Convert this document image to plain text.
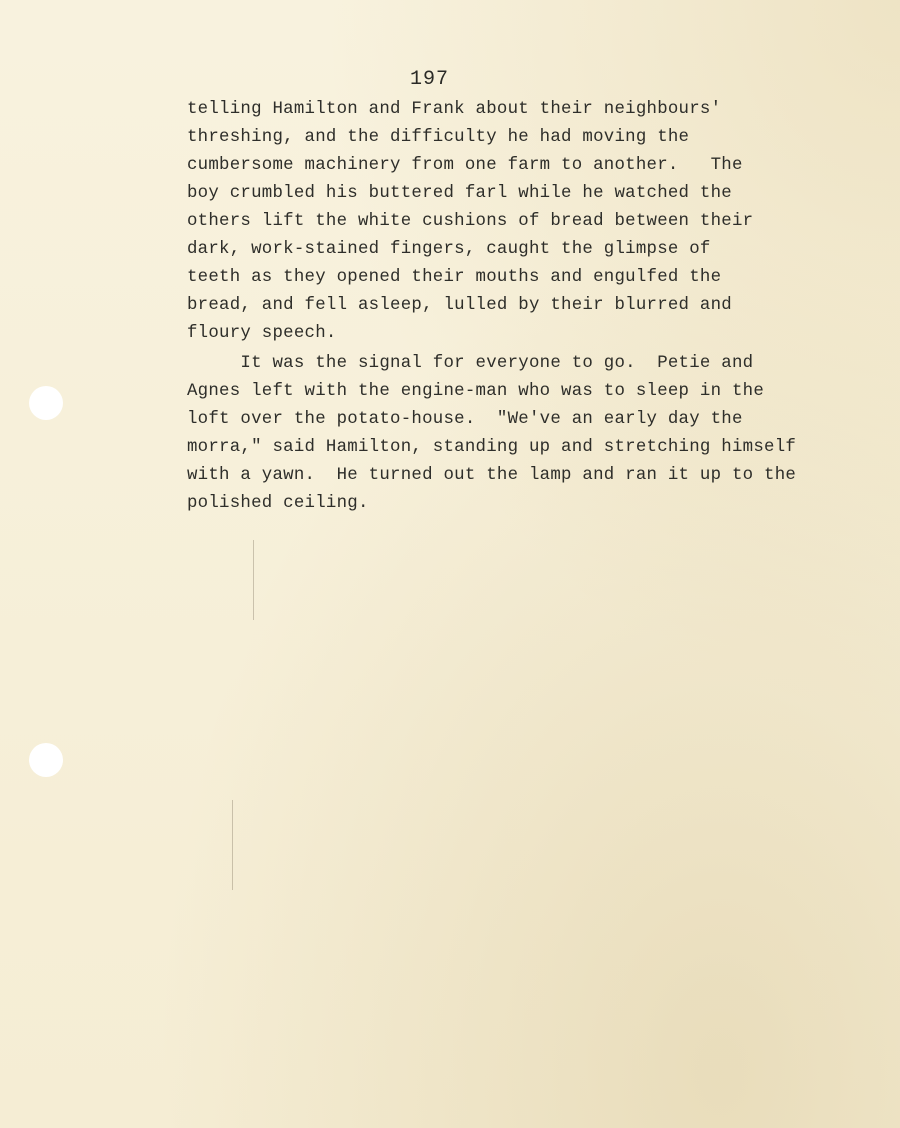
197
telling Hamilton and Frank about their neighbours'
threshing, and the difficulty he had moving the
cumbersome machinery from one farm to another.   The
boy crumbled his buttered farl while he watched the
others lift the white cushions of bread between their
dark, work-stained fingers, caught the glimpse of
teeth as they opened their mouths and engulfed the
bread, and fell asleep, lulled by their blurred and
floury speech.
It was the signal for everyone to go.  Petie and
Agnes left with the engine-man who was to sleep in the
loft over the potato-house.  "We've an early day the
morra," said Hamilton, standing up and stretching himself
with a yawn.  He turned out the lamp and ran it up to the
polished ceiling.
